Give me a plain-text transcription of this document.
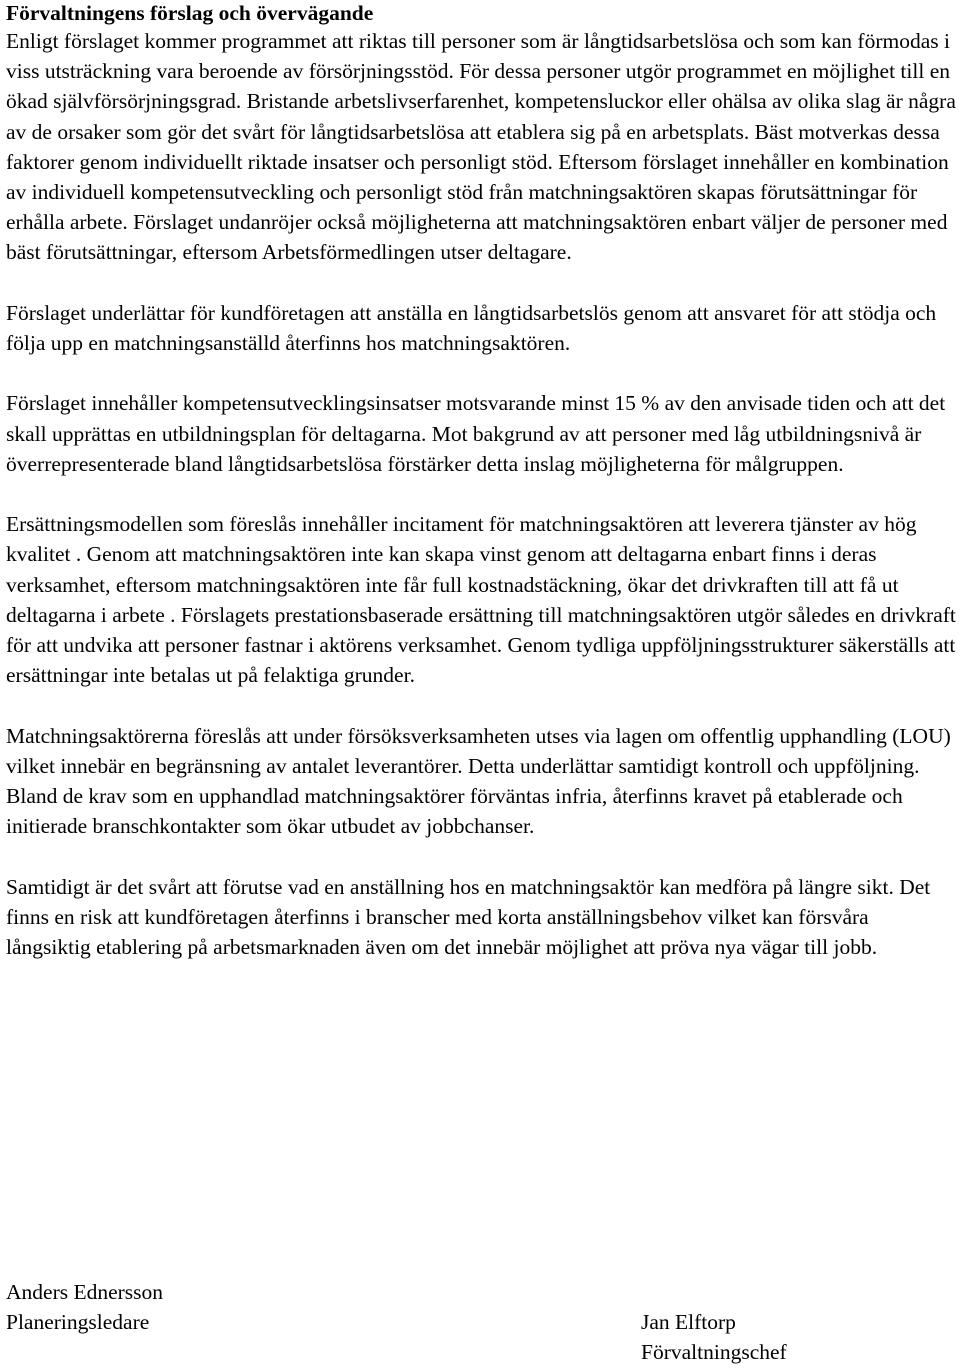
Förvaltningens förslag och övervägande

Enligt förslaget kommer programmet att riktas till personer som är långtidsarbetslösa och som kan förmodas i viss utsträckning vara beroende av försörjningsstöd. För dessa personer utgör programmet en möjlighet till en ökad självförsörjningsgrad. Bristande arbetslivserfarenhet, kompetensluckor eller ohälsa av olika slag är några av de orsaker som gör det svårt för långtidsarbetslösa att etablera sig på en arbetsplats. Bäst motverkas dessa faktorer genom individuellt riktade insatser och personligt stöd. Eftersom förslaget innehåller en kombination av individuell kompetensutveckling och personligt stöd från matchningsaktören skapas förutsättningar för erhålla arbete. Förslaget undanröjer också möjligheterna att matchningsaktören enbart väljer de personer med bäst förutsättningar, eftersom Arbetsförmedlingen utser deltagare.

Förslaget underlättar för kundföretagen att anställa en långtidsarbetslös genom att ansvaret för att stödja och följa upp en matchningsanställd återfinns hos matchningsaktören.

Förslaget innehåller kompetensutvecklingsinsatser motsvarande minst 15 % av den anvisade tiden och att det skall upprättas en utbildningsplan för deltagarna. Mot bakgrund av att personer med låg utbildningsnivå är överrepresenterade bland långtidsarbetslösa förstärker detta inslag möjligheterna för målgruppen.

Ersättningsmodellen som föreslås innehåller incitament för matchningsaktören att leverera tjänster av hög kvalitet . Genom att matchningsaktören inte kan skapa vinst genom att deltagarna enbart finns i deras verksamhet, eftersom matchningsaktören inte får full kostnadstäckning, ökar det drivkraften till att få ut deltagarna i arbete . Förslagets prestationsbaserade ersättning till matchningsaktören utgör således en drivkraft för att undvika att personer fastnar i aktörens verksamhet. Genom tydliga uppföljningsstrukturer säkerställs att ersättningar inte betalas ut på felaktiga grunder.

Matchningsaktörerna föreslås att under försöksverksamheten utses via lagen om offentlig upphandling (LOU) vilket innebär en begränsning av antalet leverantörer. Detta underlättar samtidigt kontroll och uppföljning. Bland de krav som en upphandlad matchningsaktörer förväntas infria, återfinns kravet på etablerade och initierade branschkontakter som ökar utbudet av jobbchanser.

Samtidigt är det svårt att förutse vad en anställning hos en matchningsaktör kan medföra på längre sikt. Det finns en risk att kundföretagen återfinns i branscher med korta anställningsbehov vilket kan försvåra långsiktig etablering på arbetsmarknaden även om det innebär möjlighet att pröva nya vägar till jobb.

Anders Ednersson
Planeringsledare	Jan Elftorp
Förvaltningschef
